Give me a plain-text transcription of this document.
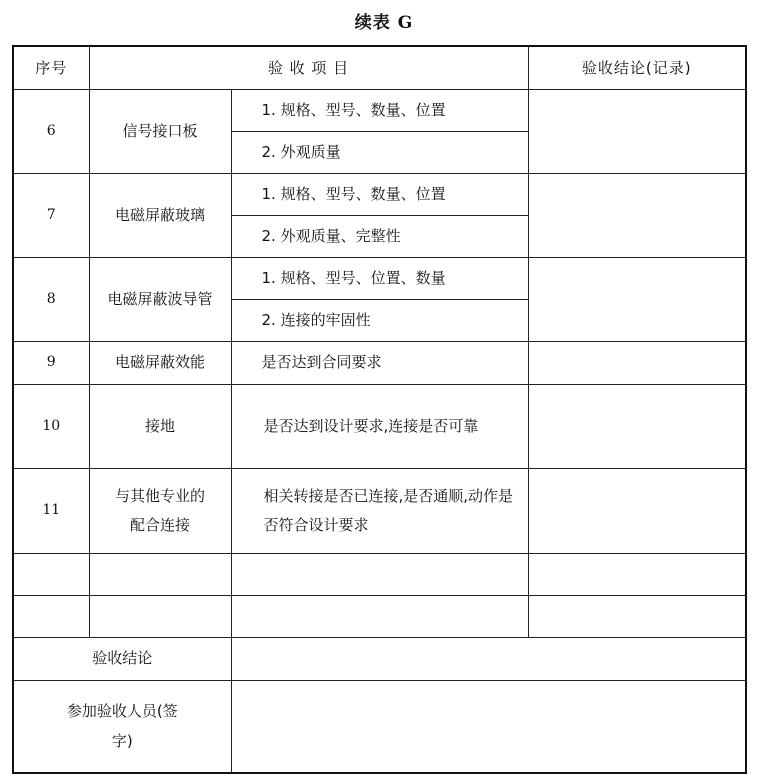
续表 G
序号	验 收 项 目		验收结论(记录)
6	信号接口板	1. 规格、型号、数量、位置	
		2. 外观质量	
7	电磁屏蔽玻璃	1. 规格、型号、数量、位置	
		2. 外观质量、完整性	
8	电磁屏蔽波导管	1. 规格、型号、位置、数量	
		2. 连接的牢固性	
9	电磁屏蔽效能	是否达到合同要求	
10	接地	是否达到设计要求,连接是否可靠	
11	与其他专业的配合连接	相关转接是否已连接,是否通顺,动作是否符合设计要求	

验收结论			
参加验收人员(签字)			
